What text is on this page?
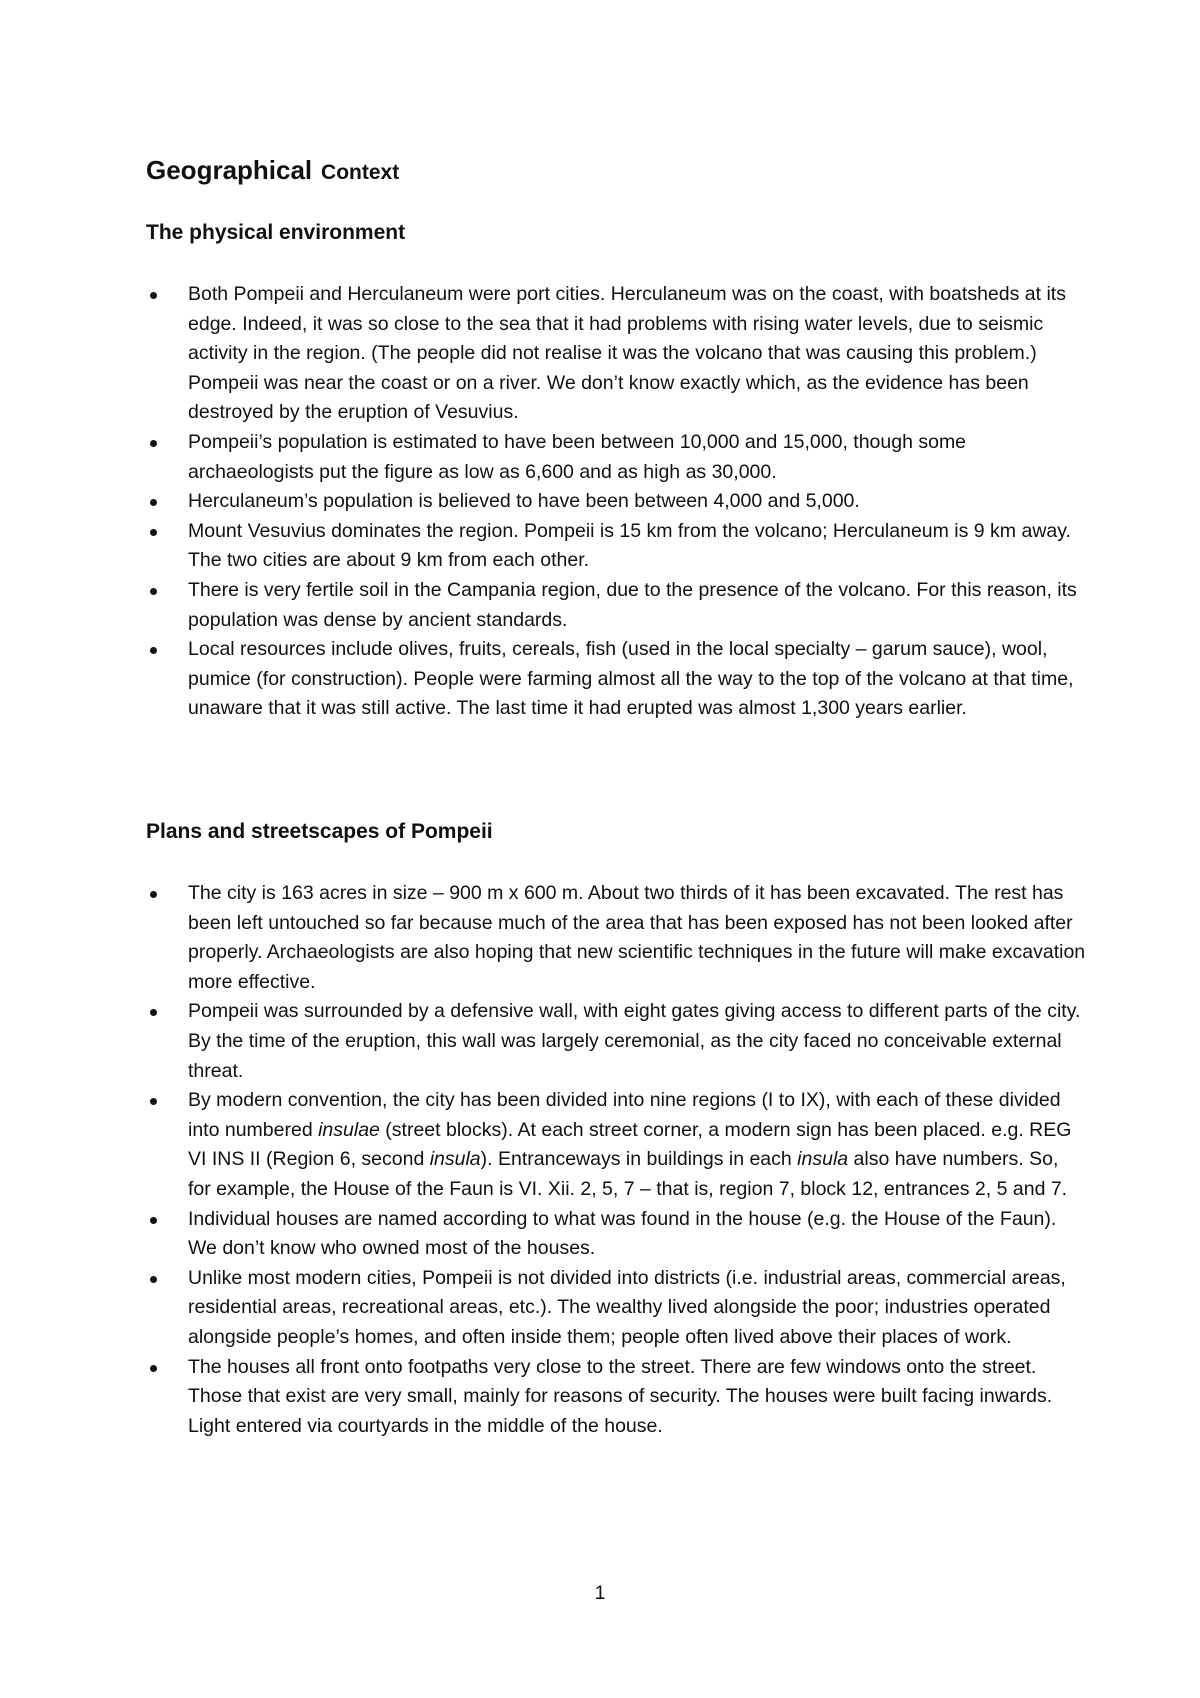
Geographical Context
The physical environment
Both Pompeii and Herculaneum were port cities. Herculaneum was on the coast, with boatsheds at its edge. Indeed, it was so close to the sea that it had problems with rising water levels, due to seismic activity in the region. (The people did not realise it was the volcano that was causing this problem.) Pompeii was near the coast or on a river. We don’t know exactly which, as the evidence has been destroyed by the eruption of Vesuvius.
Pompeii’s population is estimated to have been between 10,000 and 15,000, though some archaeologists put the figure as low as 6,600 and as high as 30,000.
Herculaneum’s population is believed to have been between 4,000 and 5,000.
Mount Vesuvius dominates the region. Pompeii is 15 km from the volcano; Herculaneum is 9 km away. The two cities are about 9 km from each other.
There is very fertile soil in the Campania region, due to the presence of the volcano. For this reason, its population was dense by ancient standards.
Local resources include olives, fruits, cereals, fish (used in the local specialty – garum sauce), wool, pumice (for construction). People were farming almost all the way to the top of the volcano at that time, unaware that it was still active. The last time it had erupted was almost 1,300 years earlier.
Plans and streetscapes of Pompeii
The city is 163 acres in size – 900 m x 600 m. About two thirds of it has been excavated. The rest has been left untouched so far because much of the area that has been exposed has not been looked after properly. Archaeologists are also hoping that new scientific techniques in the future will make excavation more effective.
Pompeii was surrounded by a defensive wall, with eight gates giving access to different parts of the city. By the time of the eruption, this wall was largely ceremonial, as the city faced no conceivable external threat.
By modern convention, the city has been divided into nine regions (I to IX), with each of these divided into numbered insulae (street blocks). At each street corner, a modern sign has been placed. e.g. REG VI INS II (Region 6, second insula). Entranceways in buildings in each insula also have numbers. So, for example, the House of the Faun is VI. Xii. 2, 5, 7 – that is, region 7, block 12, entrances 2, 5 and 7.
Individual houses are named according to what was found in the house (e.g. the House of the Faun). We don’t know who owned most of the houses.
Unlike most modern cities, Pompeii is not divided into districts (i.e. industrial areas, commercial areas, residential areas, recreational areas, etc.). The wealthy lived alongside the poor; industries operated alongside people’s homes, and often inside them; people often lived above their places of work.
The houses all front onto footpaths very close to the street. There are few windows onto the street. Those that exist are very small, mainly for reasons of security. The houses were built facing inwards. Light entered via courtyards in the middle of the house.
1
